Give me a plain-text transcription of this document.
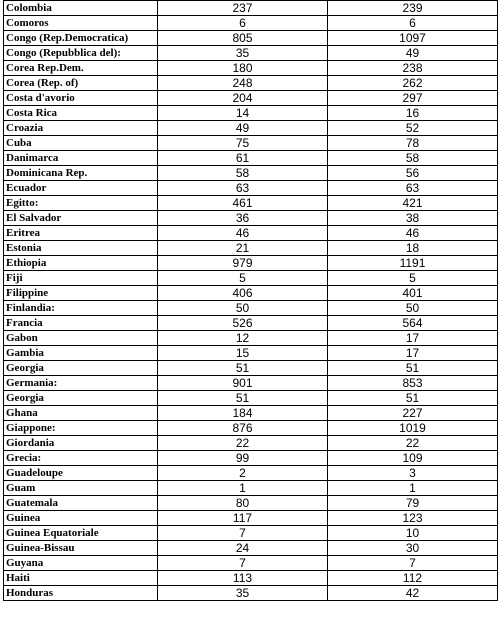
Colombia	237	239
Comoros	6	6
Congo (Rep.Democratica)	805	1097
Congo (Repubblica del):	35	49
Corea Rep.Dem.	180	238
Corea (Rep. of)	248	262
Costa d'avorio	204	297
Costa Rica	14	16
Croazia	49	52
Cuba	75	78
Danimarca	61	58
Dominicana Rep.	58	56
Ecuador	63	63
Egitto:	461	421
El Salvador	36	38
Eritrea	46	46
Estonia	21	18
Ethiopia	979	1191
Fiji	5	5
Filippine	406	401
Finlandia:	50	50
Francia	526	564
Gabon	12	17
Gambia	15	17
Georgia	51	51
Germania:	901	853
Georgia	51	51
Ghana	184	227
Giappone:	876	1019
Giordania	22	22
Grecia:	99	109
Guadeloupe	2	3
Guam	1	1
Guatemala	80	79
Guinea	117	123
Guinea Equatoriale	7	10
Guinea-Bissau	24	30
Guyana	7	7
Haiti	113	112
Honduras	35	42
